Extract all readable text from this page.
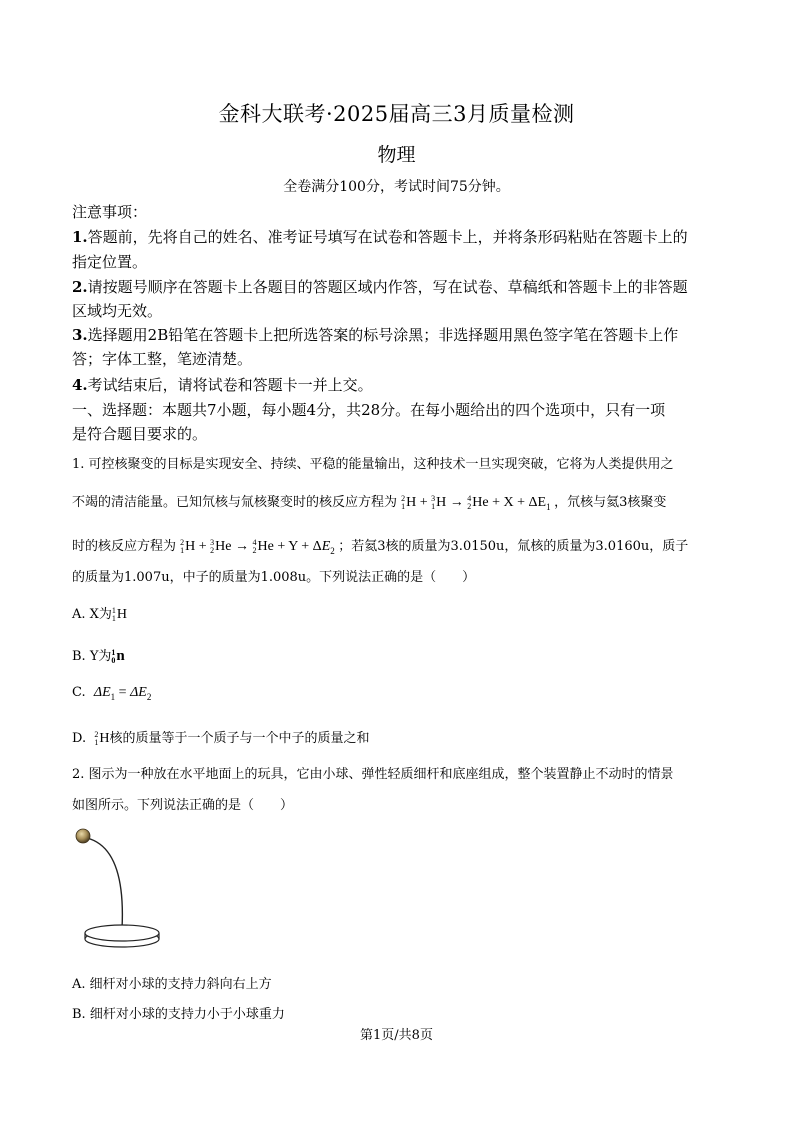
金科大联考·2025届高三3月质量检测
物理
全卷满分100分，考试时间75分钟。
注意事项：
1.答题前，先将自己的姓名、准考证号填写在试卷和答题卡上，并将条形码粘贴在答题卡上的
指定位置。
2.请按题号顺序在答题卡上各题目的答题区域内作答，写在试卷、草稿纸和答题卡上的非答题
区域均无效。
3.选择题用2B铅笔在答题卡上把所选答案的标号涂黑；非选择题用黑色签字笔在答题卡上作
答；字体工整，笔迹清楚。
4.考试结束后，请将试卷和答题卡一并上交。
一、选择题：本题共7小题，每小题4分，共28分。在每小题给出的四个选项中，只有一项
是符合题目要求的。
1. 可控核聚变的目标是实现安全、持续、平稳的能量输出，这种技术一旦实现突破，它将为人类提供用之
不竭的清洁能量。已知氘核与氚核聚变时的核反应方程为 2
1 H + 3
1 H → 4
2 $He + X + \Delta E_1$ ，氘核与氦3核聚变
时的核反应方程为 2
1 H + 3
2 He → 4
2 $He + Y + \Delta E_2$ ；若氦3核的质量为3.0150u，氚核的质量为3.0160u，质子
的质量为1.007u，中子的质量为1.008u。下列说法正确的是（　　）
A. X为 1
1 H
B. Y为 1
0 n
C. $\Delta E_1 = \Delta E_2$
D. 2
1 H核的质量等于一个质子与一个中子的质量之和
2. 图示为一种放在水平地面上的玩具，它由小球、弹性轻质细杆和底座组成，整个装置静止不动时的情景
如图所示。下列说法正确的是（　　）
A. 细杆对小球的支持力斜向右上方
B. 细杆对小球的支持力小于小球重力
第1页/共8页
